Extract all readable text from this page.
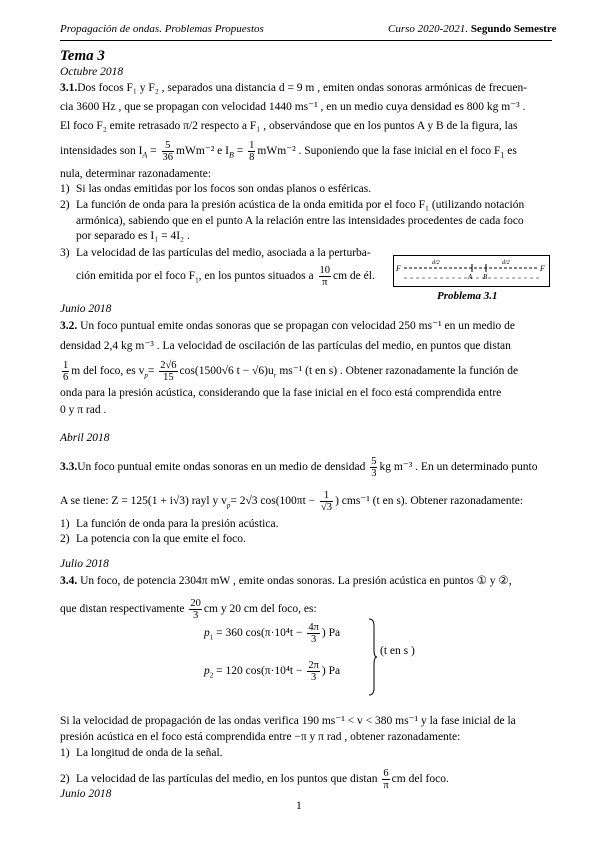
Propagación de ondas. Problemas Propuestos	Curso 2020-2021. Segundo Semestre
Tema 3
Octubre 2018
3.1.Dos focos F₁ y F₂ , separados una distancia d = 9 m , emiten ondas sonoras armónicas de frecuen-
cia 3600 Hz , que se propagan con velocidad 1440 ms⁻¹ , en un medio cuya densidad es 800 kg m⁻³ .
El foco F₂ emite retrasado π/2 respecto a F₁ , observándose que en los puntos A y B de la figura, las
intensidades son $I_A = \frac{5}{36} mWm^{-2}$ e $I_B = \frac{1}{8} mWm^{-2}$ . Suponiendo que la fase inicial en el foco $F_1$ es
nula, determinar razonadamente:
1) Si las ondas emitidas por los focos son ondas planos o esféricas.
2) La función de onda para la presión acústica de la onda emitida por el foco F₁ (utilizando notación
armónica), sabiendo que en el punto A la relación entre las intensidades procedentes de cada foco
por separado es I₁ = 4I₂ .
3) La velocidad de las partículas del medio, asociada a la perturba-
ción emitida por el foco $F_1$, en los puntos situados a $\frac{10}{\pi}$ cm de él.
F	F
A B
d/2	d/2
Problema 3.1
Junio 2018
3.2. Un foco puntual emite ondas sonoras que se propagan con velocidad 250 ms⁻¹ en un medio de
densidad 2,4 kg m⁻³ . La velocidad de oscilación de las partículas del medio, en puntos que distan
$\frac{1}{6}$ m del foco, es $v_p= \frac{2√6}{15} \cos(1500√6$ $t - √6)u_r$ ms⁻¹ (t en s) . Obtener razonadamente la función de
onda para la presión acústica, considerando que la fase inicial en el foco está comprendida entre
0 y π rad .
Abril 2018
3.3.Un foco puntual emite ondas sonoras en un medio de densidad $\frac{5}{3}$ kg m⁻³ . En un determinado punto
A se tiene: Z = 125(1 + i√3) rayl y $v_p= 2√3$ $\cos(100\pi t - \frac{1}{√3}$ ) cms⁻¹ (t en s). Obtener razonadamente:
1) La función de onda para la presión acústica.
2) La potencia con la que emite el foco.
Julio 2018
3.4. Un foco, de potencia 2304π mW , emite ondas sonoras. La presión acústica en puntos ① y ②,
que distan respectivamente $\frac{20}{3}$ cm y 20 cm del foco, es:
$p_1 = 360$ $\cos(\pi\cdot 10^4t - \frac{4\pi}{3}$ ) Pa
$p_2 = 120$ $\cos(\pi\cdot 10^4t - \frac{2\pi}{3}$ ) Pa
(t en s )
Si la velocidad de propagación de las ondas verifica 190 ms⁻¹ < v < 380 ms⁻¹ y la fase inicial de la
presión acústica en el foco está comprendida entre −π y π rad , obtener razonadamente:
1) La longitud de onda de la señal.
2) La velocidad de las partículas del medio, en los puntos que distan $\frac{6}{\pi}$ cm del foco.
Junio 2018
1
